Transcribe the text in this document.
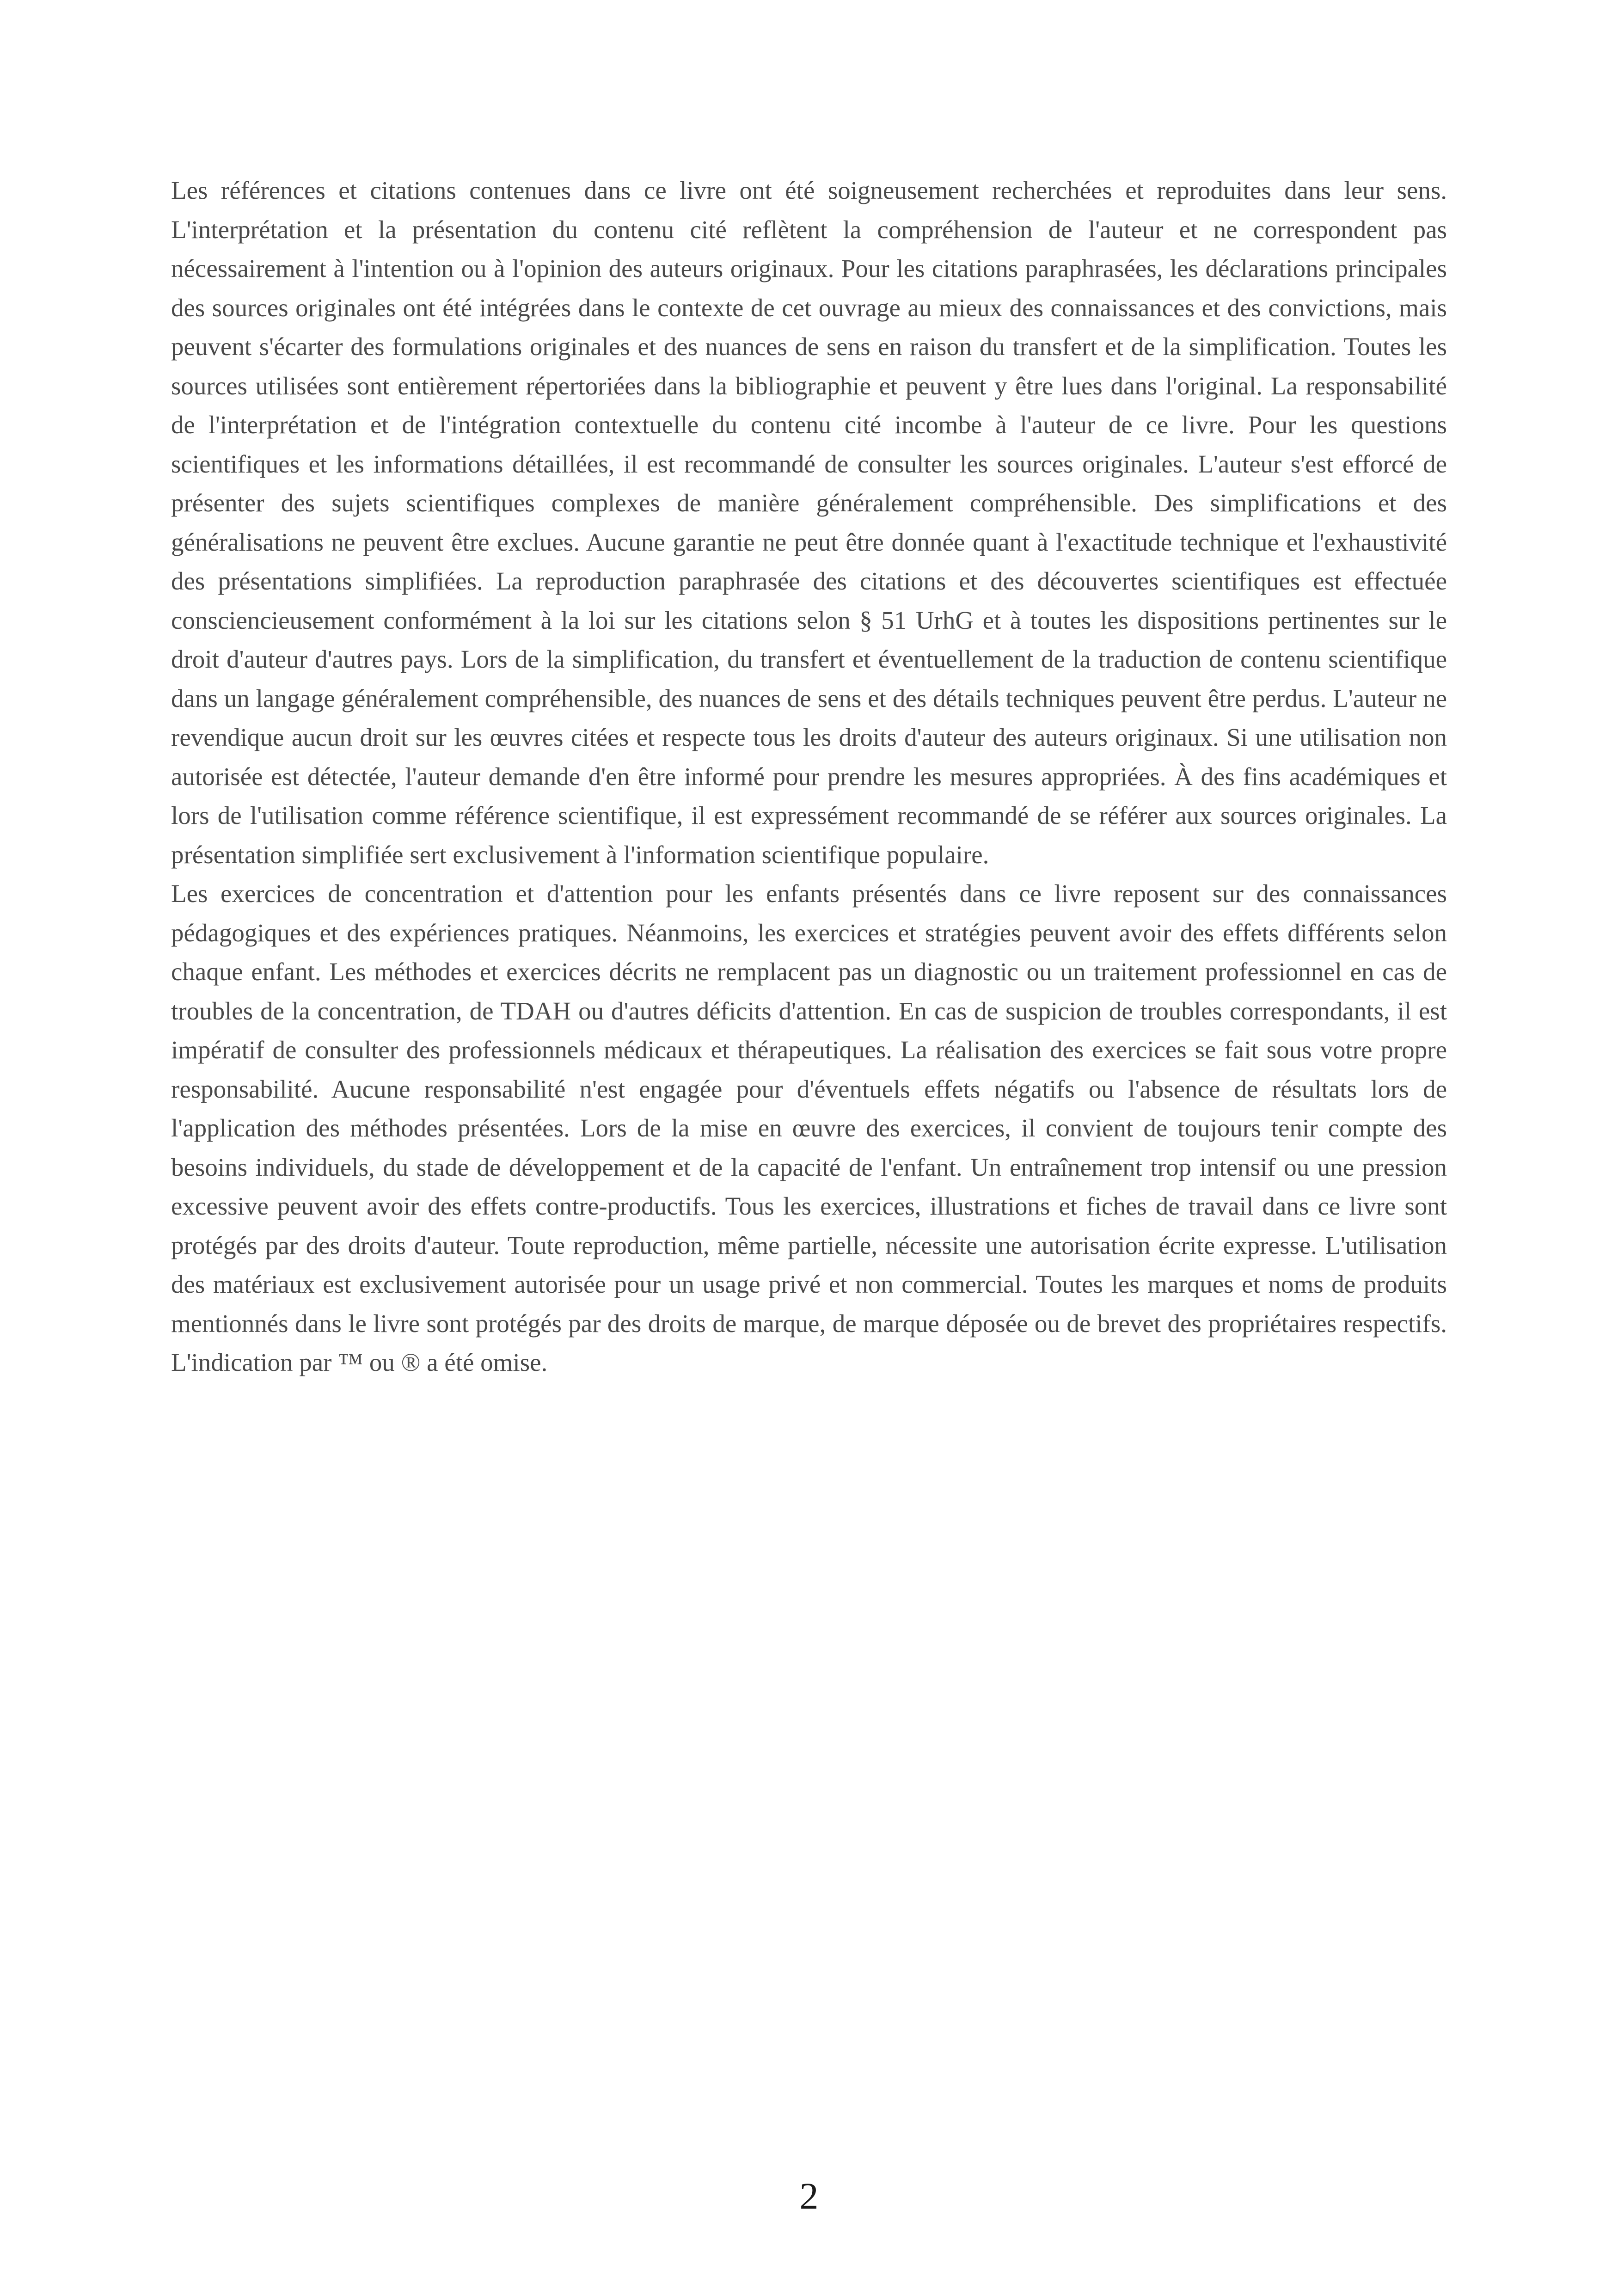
Les références et citations contenues dans ce livre ont été soigneusement recherchées et reproduites dans leur sens. L'interprétation et la présentation du contenu cité reflètent la compréhension de l'auteur et ne correspondent pas nécessairement à l'intention ou à l'opinion des auteurs originaux. Pour les citations paraphrasées, les déclarations principales des sources originales ont été intégrées dans le contexte de cet ouvrage au mieux des connaissances et des convictions, mais peuvent s'écarter des formulations originales et des nuances de sens en raison du transfert et de la simplification. Toutes les sources utilisées sont entièrement répertoriées dans la bibliographie et peuvent y être lues dans l'original. La responsabilité de l'interprétation et de l'intégration contextuelle du contenu cité incombe à l'auteur de ce livre. Pour les questions scientifiques et les informations détaillées, il est recommandé de consulter les sources originales. L'auteur s'est efforcé de présenter des sujets scientifiques complexes de manière généralement compréhensible. Des simplifications et des généralisations ne peuvent être exclues. Aucune garantie ne peut être donnée quant à l'exactitude technique et l'exhaustivité des présentations simplifiées. La reproduction paraphrasée des citations et des découvertes scientifiques est effectuée consciencieusement conformément à la loi sur les citations selon § 51 UrhG et à toutes les dispositions pertinentes sur le droit d'auteur d'autres pays. Lors de la simplification, du transfert et éventuellement de la traduction de contenu scientifique dans un langage généralement compréhensible, des nuances de sens et des détails techniques peuvent être perdus. L'auteur ne revendique aucun droit sur les œuvres citées et respecte tous les droits d'auteur des auteurs originaux. Si une utilisation non autorisée est détectée, l'auteur demande d'en être informé pour prendre les mesures appropriées. À des fins académiques et lors de l'utilisation comme référence scientifique, il est expressément recommandé de se référer aux sources originales. La présentation simplifiée sert exclusivement à l'information scientifique populaire.

Les exercices de concentration et d'attention pour les enfants présentés dans ce livre reposent sur des connaissances pédagogiques et des expériences pratiques. Néanmoins, les exercices et stratégies peuvent avoir des effets différents selon chaque enfant. Les méthodes et exercices décrits ne remplacent pas un diagnostic ou un traitement professionnel en cas de troubles de la concentration, de TDAH ou d'autres déficits d'attention. En cas de suspicion de troubles correspondants, il est impératif de consulter des professionnels médicaux et thérapeutiques. La réalisation des exercices se fait sous votre propre responsabilité. Aucune responsabilité n'est engagée pour d'éventuels effets négatifs ou l'absence de résultats lors de l'application des méthodes présentées. Lors de la mise en œuvre des exercices, il convient de toujours tenir compte des besoins individuels, du stade de développement et de la capacité de l'enfant. Un entraînement trop intensif ou une pression excessive peuvent avoir des effets contre-productifs. Tous les exercices, illustrations et fiches de travail dans ce livre sont protégés par des droits d'auteur. Toute reproduction, même partielle, nécessite une autorisation écrite expresse. L'utilisation des matériaux est exclusivement autorisée pour un usage privé et non commercial. Toutes les marques et noms de produits mentionnés dans le livre sont protégés par des droits de marque, de marque déposée ou de brevet des propriétaires respectifs. L'indication par ™ ou ® a été omise.

2
